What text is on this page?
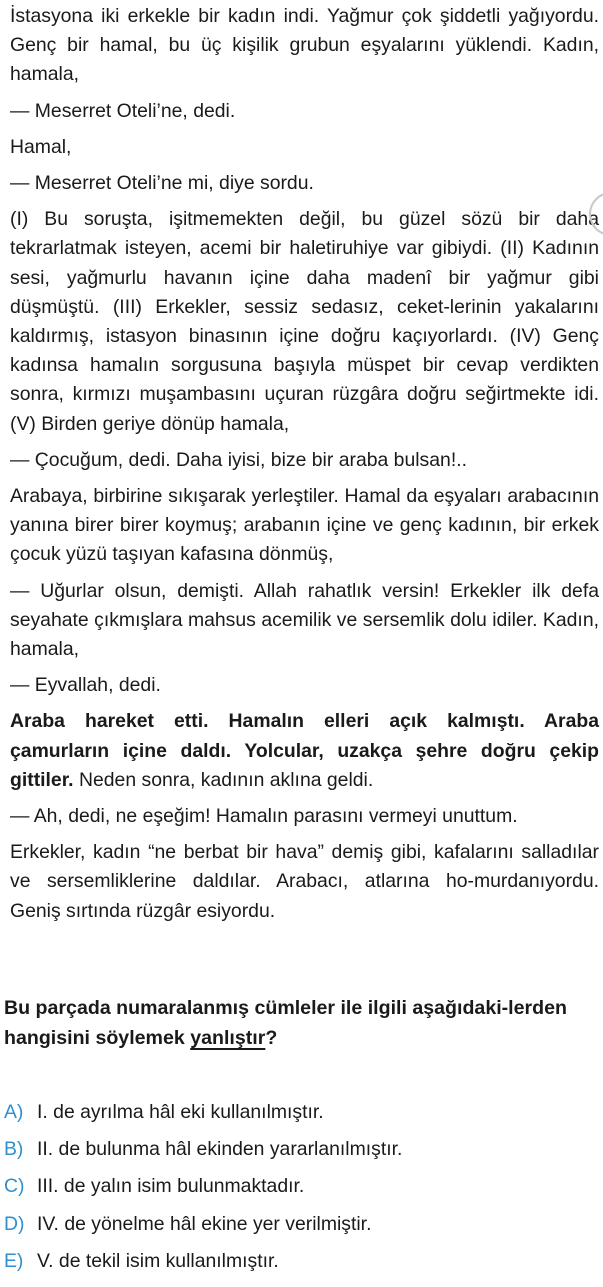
İstasyona iki erkekle bir kadın indi. Yağmur çok şiddetli yağıyordu. Genç bir hamal, bu üç kişilik grubun eşyalarını yüklendi. Kadın, hamala,

— Meserret Oteli’ne, dedi.

Hamal,

— Meserret Oteli’ne mi, diye sordu.

(I) Bu soruşta, işitmemekten değil, bu güzel sözü bir daha tekrarlatmak isteyen, acemi bir haletiruhiye var gibiydi. (II) Kadının sesi, yağmurlu havanın içine daha madenî bir yağmur gibi düşmüştü. (III) Erkekler, sessiz sedasız, ceket-lerinin yakalarını kaldırmış, istasyon binasının içine doğru kaçıyorlardı. (IV) Genç kadınsa hamalın sorgusuna başıyla müspet bir cevap verdikten sonra, kırmızı muşambasını uçuran rüzgâra doğru seğirtmekte idi. (V) Birden geriye dönüp hamala,

— Çocuğum, dedi. Daha iyisi, bize bir araba bulsan!..

Arabaya, birbirine sıkışarak yerleştiler. Hamal da eşyaları arabacının yanına birer birer koymuş; arabanın içine ve genç kadının, bir erkek çocuk yüzü taşıyan kafasına dönmüş,

— Uğurlar olsun, demişti. Allah rahatlık versin! Erkekler ilk defa seyahate çıkmışlara mahsus acemilik ve sersemlik dolu idiler. Kadın, hamala,

— Eyvallah, dedi.

Araba hareket etti. Hamalın elleri açık kalmıştı. Araba çamurların içine daldı. Yolcular, uzakça şehre doğru çekip gittiler. Neden sonra, kadının aklına geldi.

— Ah, dedi, ne eşeğim! Hamalın parasını vermeyi unuttum.

Erkekler, kadın “ne berbat bir hava” demiş gibi, kafalarını salladılar ve sersemliklerine daldılar. Arabacı, atlarına ho-murdanıyordu. Geniş sırtında rüzgâr esiyordu.

Bu parçada numaralanmış cümleler ile ilgili aşağıdaki-lerden hangisini söylemek yanlıştır?
A) I. de ayrılma hâl eki kullanılmıştır.
B) II. de bulunma hâl ekinden yararlanılmıştır.
C) III. de yalın isim bulunmaktadır.
D) IV. de yönelme hâl ekine yer verilmiştir.
E) V. de tekil isim kullanılmıştır.
